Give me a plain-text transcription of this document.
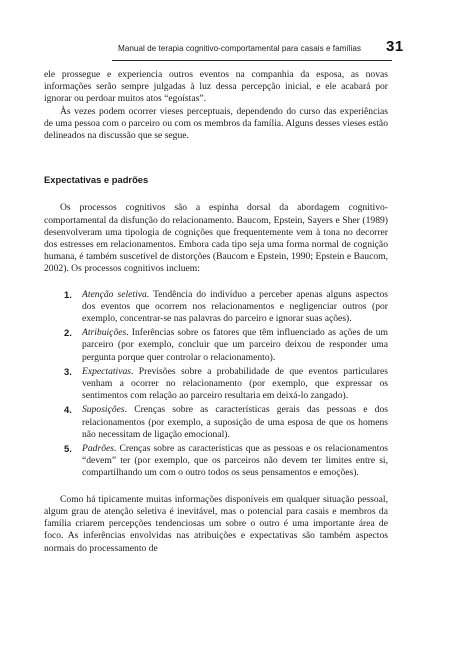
Manual de terapia cognitivo-comportamental para casais e famílias	31

ele prossegue e experiencia outros eventos na companhia da esposa, as novas informações serão sempre julgadas à luz dessa percepção inicial, e ele acabará por ignorar ou perdoar muitos atos “egoístas”.

Às vezes podem ocorrer vieses perceptuais, dependendo do curso das experiências de uma pessoa com o parceiro ou com os membros da família. Alguns desses vieses estão delineados na discussão que se segue.

Expectativas e padrões

Os processos cognitivos são a espinha dorsal da abordagem cognitivo-comportamental da disfunção do relacionamento. Baucom, Epstein, Sayers e Sher (1989) desenvolveram uma tipologia de cognições que frequentemente vem à tona no decorrer dos estresses em relacionamentos. Embora cada tipo seja uma forma normal de cognição humana, é também suscetível de distorções (Baucom e Epstein, 1990; Epstein e Baucom, 2002). Os processos cognitivos incluem:

1.	Atenção seletiva. Tendência do indivíduo a perceber apenas alguns aspectos dos eventos que ocorrem nos relacionamentos e negligenciar outros (por exemplo, concentrar-se nas palavras do parceiro e ignorar suas ações).
2.	Atribuições. Inferências sobre os fatores que têm influenciado as ações de um parceiro (por exemplo, concluir que um parceiro deixou de responder uma pergunta porque quer controlar o relacionamento).
3.	Expectativas. Previsões sobre a probabilidade de que eventos particulares venham a ocorrer no relacionamento (por exemplo, que expressar os sentimentos com relação ao parceiro resultaria em deixá-lo zangado).
4.	Suposições. Crenças sobre as características gerais das pessoas e dos relacionamentos (por exemplo, a suposição de uma esposa de que os homens não necessitam de ligação emocional).
5.	Padrões. Crenças sobre as características que as pessoas e os relacionamentos “devem” ter (por exemplo, que os parceiros não devem ter limites entre si, compartilhando um com o outro todos os seus pensamentos e emoções).

Como há tipicamente muitas informações disponíveis em qualquer situação pessoal, algum grau de atenção seletiva é inevitável, mas o potencial para casais e membros da família criarem percepções tendenciosas um sobre o outro é uma importante área de foco. As inferências envolvidas nas atribuições e expectativas são também aspectos normais do processamento de
